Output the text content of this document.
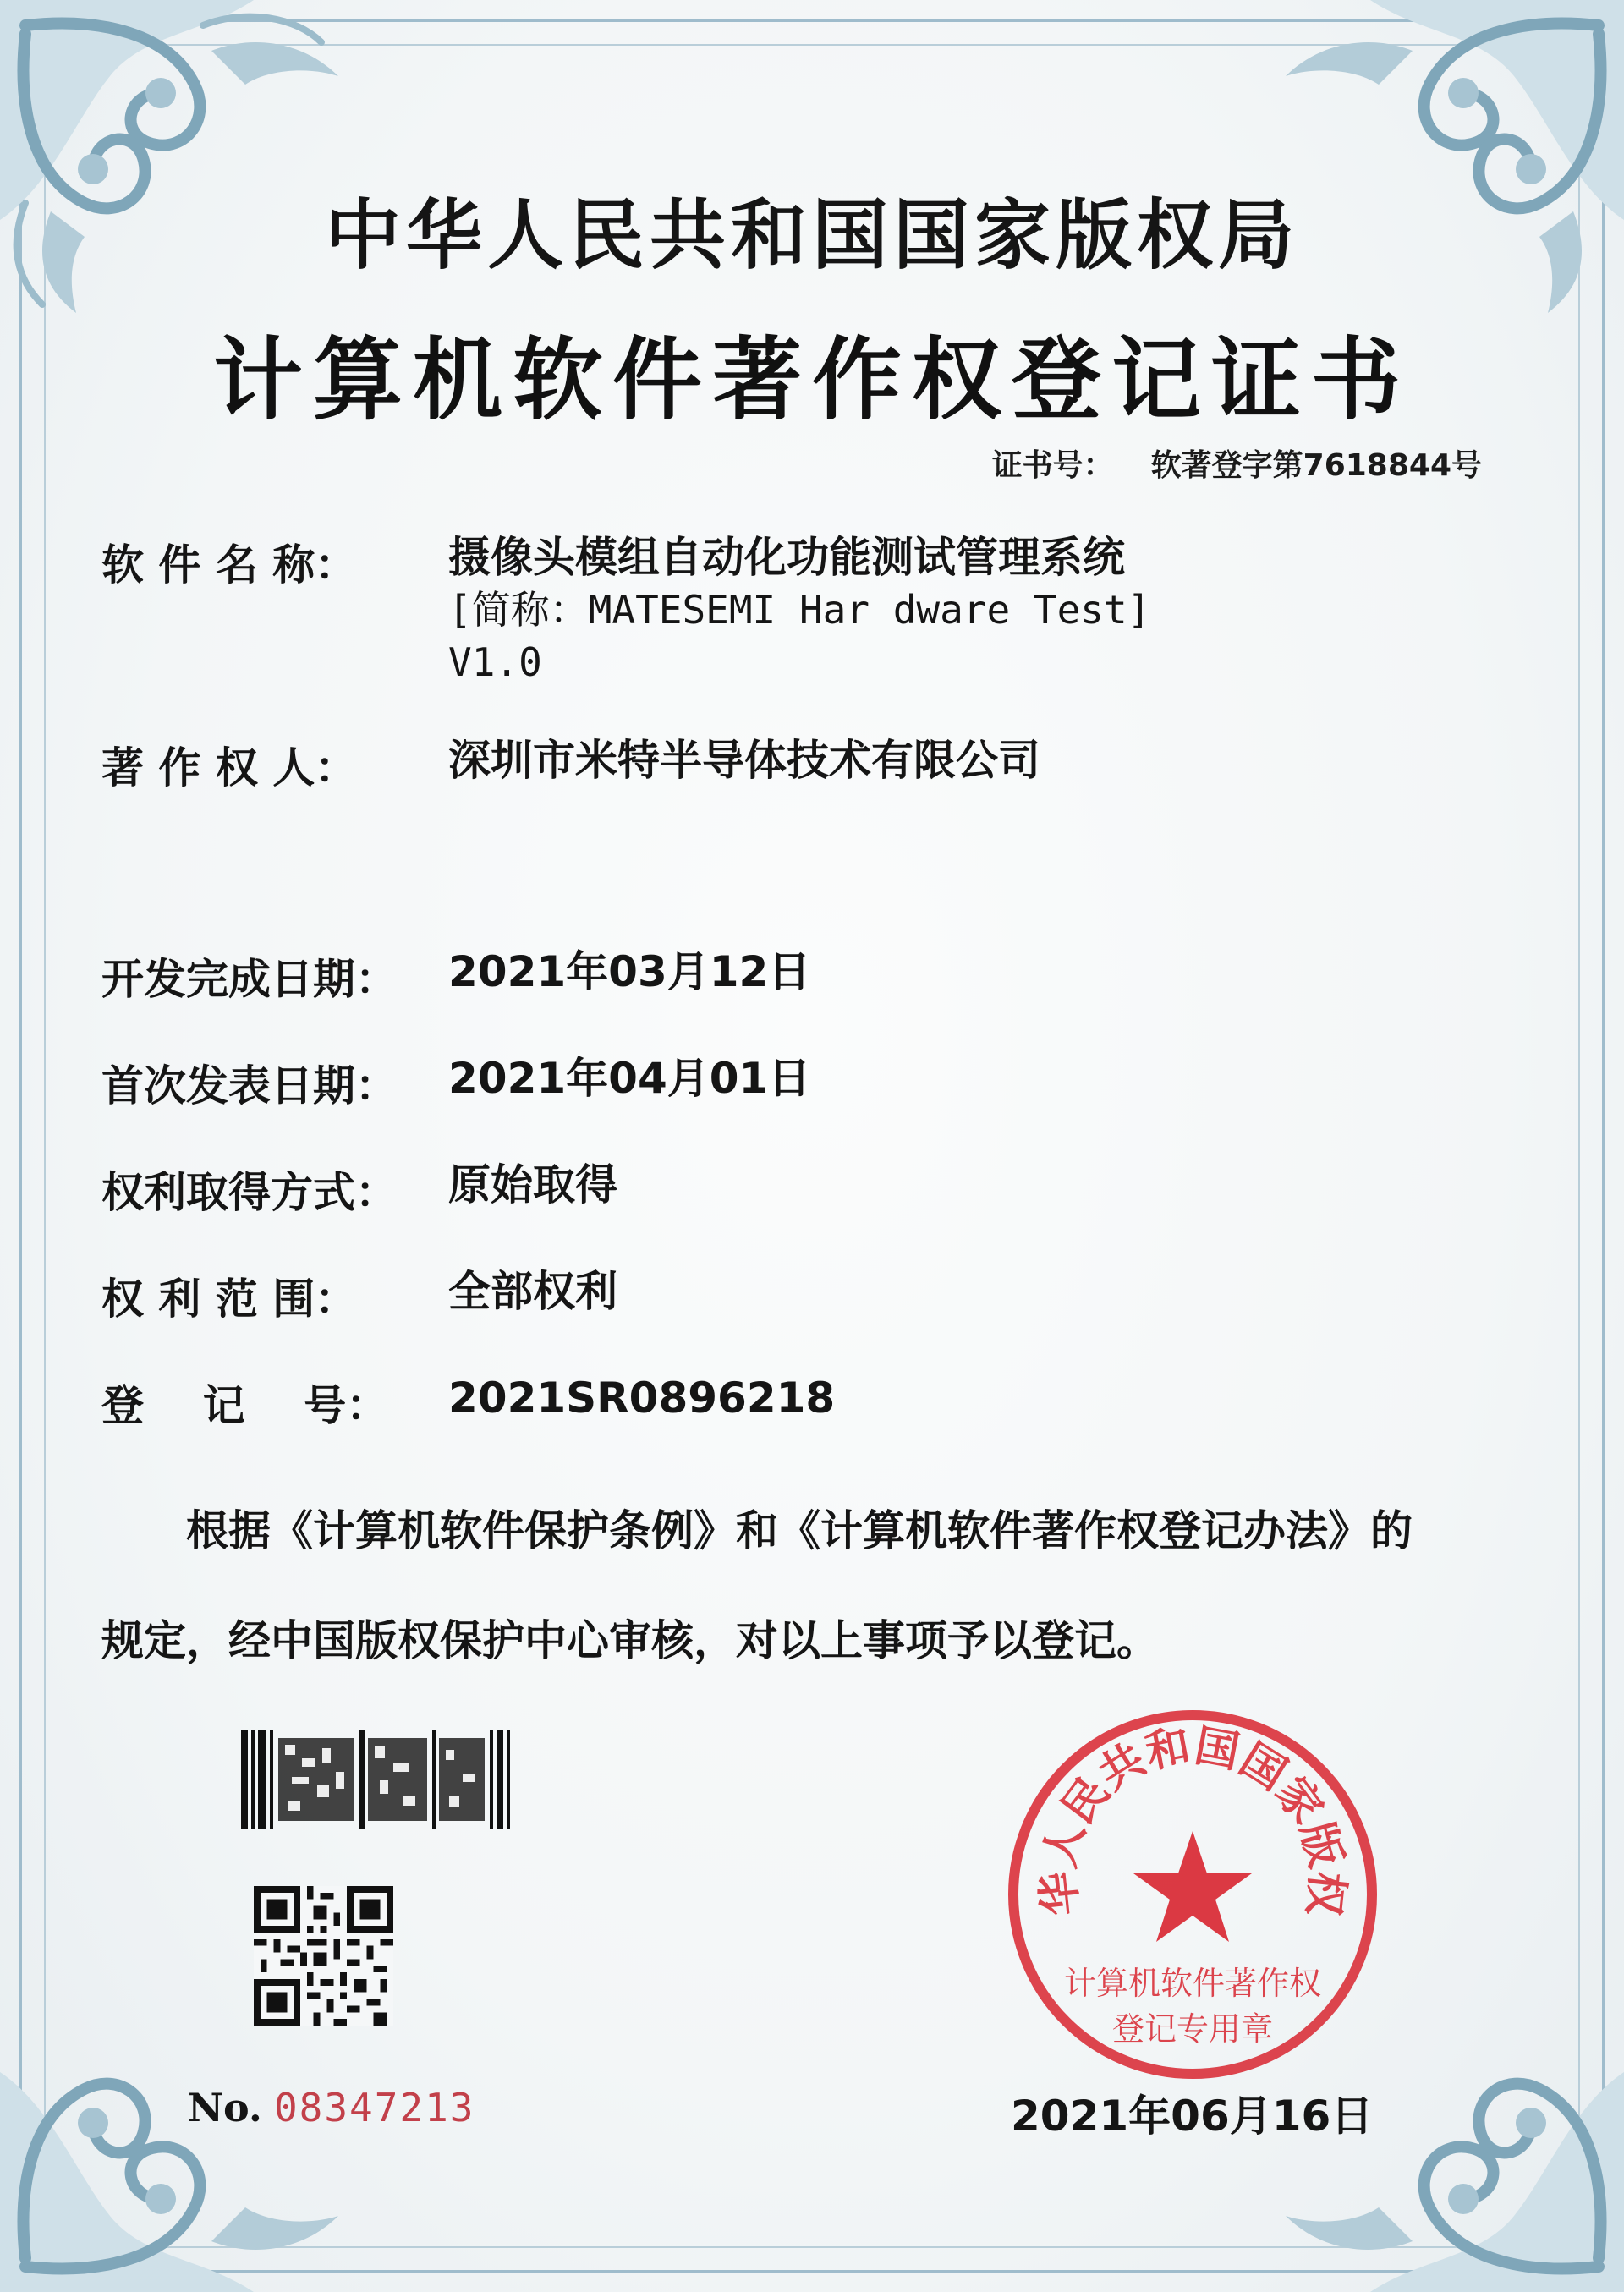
中华人民共和国国家版权局
计算机软件著作权登记证书
证书号： 软著登字第7618844号
软 件 名 称：	摄像头模组自动化功能测试管理系统
[简称：MATESEMI Har dware Test]
V1.0
著 作 权 人：	深圳市米特半导体技术有限公司
开发完成日期：	2021年03月12日
首次发表日期：	2021年04月01日
权利取得方式：	原始取得
权 利 范 围：	全部权利
登    记    号：	2021SR0896218
根据《计算机软件保护条例》和《计算机软件著作权登记办法》的
规定，经中国版权保护中心审核，对以上事项予以登记。
No. 08347213
华人民共和国国家版权
计算机软件著作权
登记专用章
2021年06月16日
